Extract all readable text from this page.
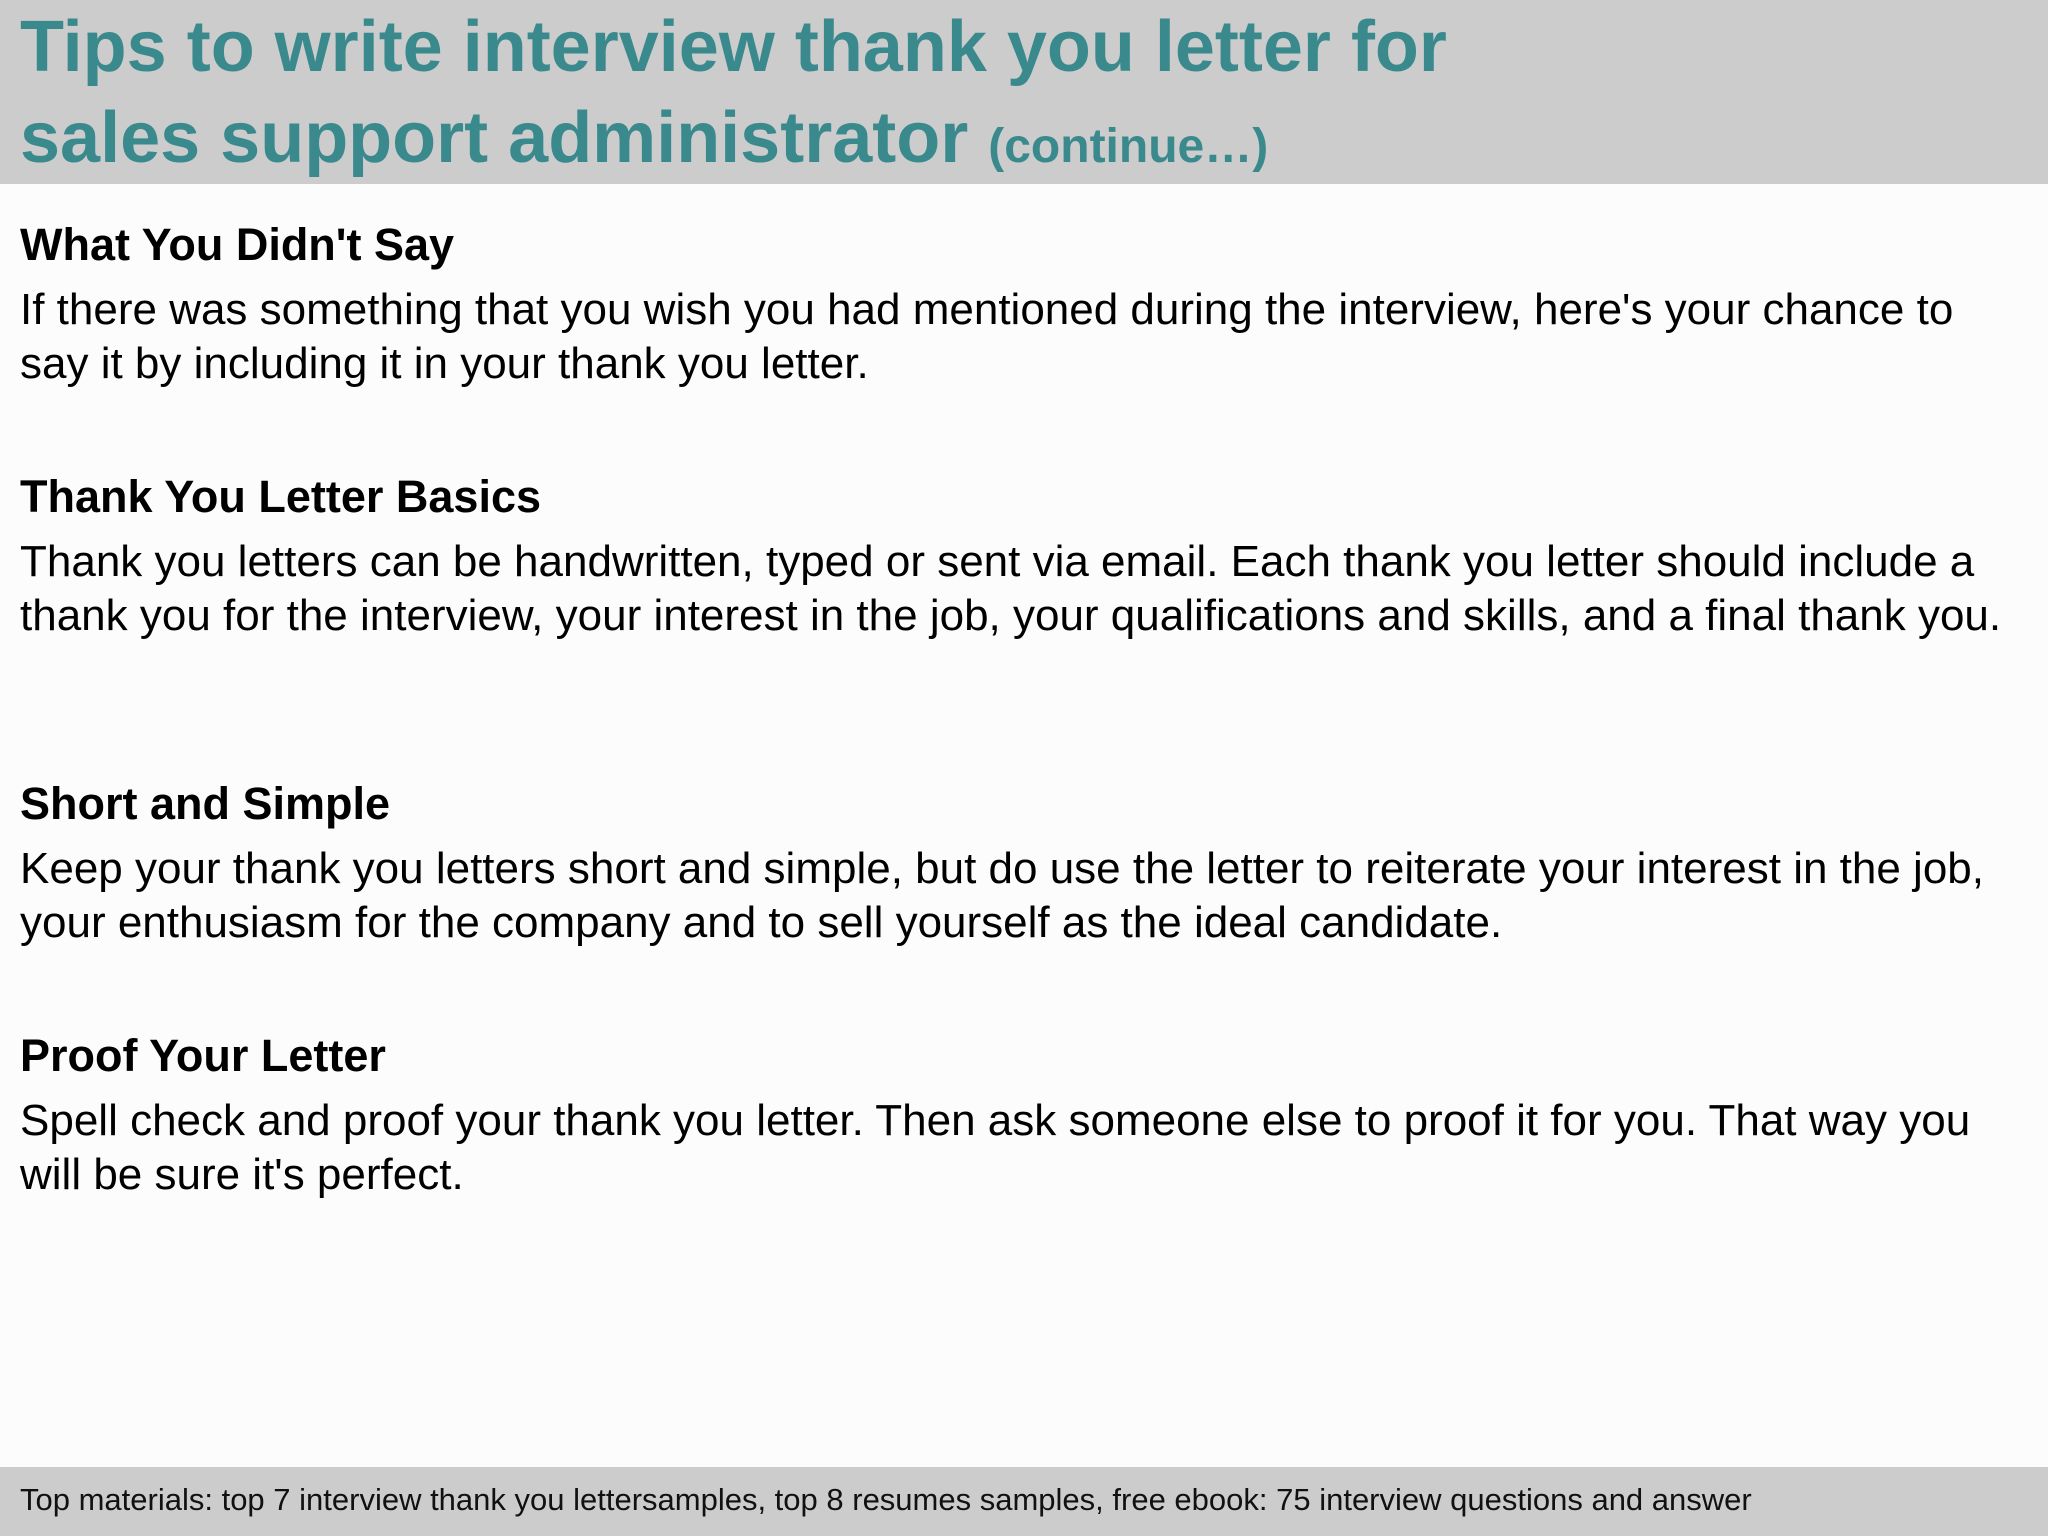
Tips to write interview thank you letter for
sales support administrator (continue…)
What You Didn't Say

If there was something that you wish you had mentioned during the interview, here's your chance to say it by including it in your thank you letter.

Thank You Letter Basics

Thank you letters can be handwritten, typed or sent via email. Each thank you letter should include a thank you for the interview, your interest in the job, your qualifications and skills, and a final thank you.

Short and Simple

Keep your thank you letters short and simple, but do use the letter to reiterate your interest in the job, your enthusiasm for the company and to sell yourself as the ideal candidate.

Proof Your Letter

Spell check and proof your thank you letter. Then ask someone else to proof it for you. That way you will be sure it's perfect.

Top materials: top 7 interview thank you lettersamples, top 8 resumes samples, free ebook: 75 interview questions and answer
